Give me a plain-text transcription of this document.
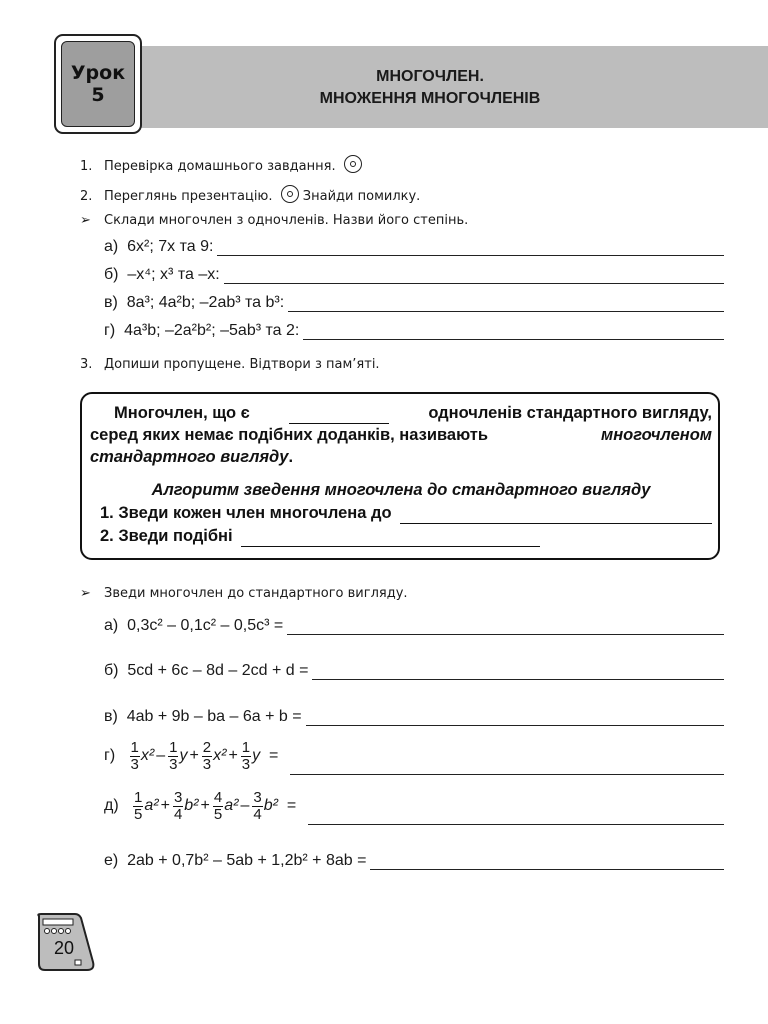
Урок
5
МНОГОЧЛЕН.
МНОЖЕННЯ МНОГОЧЛЕНІВ
1. Перевірка домашнього завдання.
2. Переглянь презентацію. Знайди помилку.
➢ Склади многочлен з одночленів. Назви його степінь.
а)
6x²; 7x та 9:
б)
–x⁴; x³ та –x:
в)
8a³; 4a²b; –2ab³ та b³:
г)
4a³b; –2a²b²; –5ab³ та 2:
3. Допиши пропущене. Відтвори з пам’яті.
Многочлен, що є	одночленів стандартного вигляду,
серед яких немає подібних доданків, називають	многочленом
стандартного вигляду.
Алгоритм зведення многочлена до стандартного вигляду
1. Зведи кожен член многочлена до
2. Зведи подібні
➢ Зведи многочлен до стандартного вигляду.
а)
0,3c² – 0,1c² – 0,5c³ =
б)
5cd + 6c – 8d – 2cd + d =
в)
4ab + 9b – ba – 6a + b =
г)
$\frac{1}{3} x^2 - \frac{1}{3}$ $y + \frac{2}{3} x^2 + \frac{1}{3}$ y
=
д)
$\frac{1}{5} a^2 + \frac{3}{4} b^2 + \frac{4}{5} a^2 - \frac{3}{4} b^2$
=
е)
2ab + 0,7b² – 5ab + 1,2b² + 8ab =
20
